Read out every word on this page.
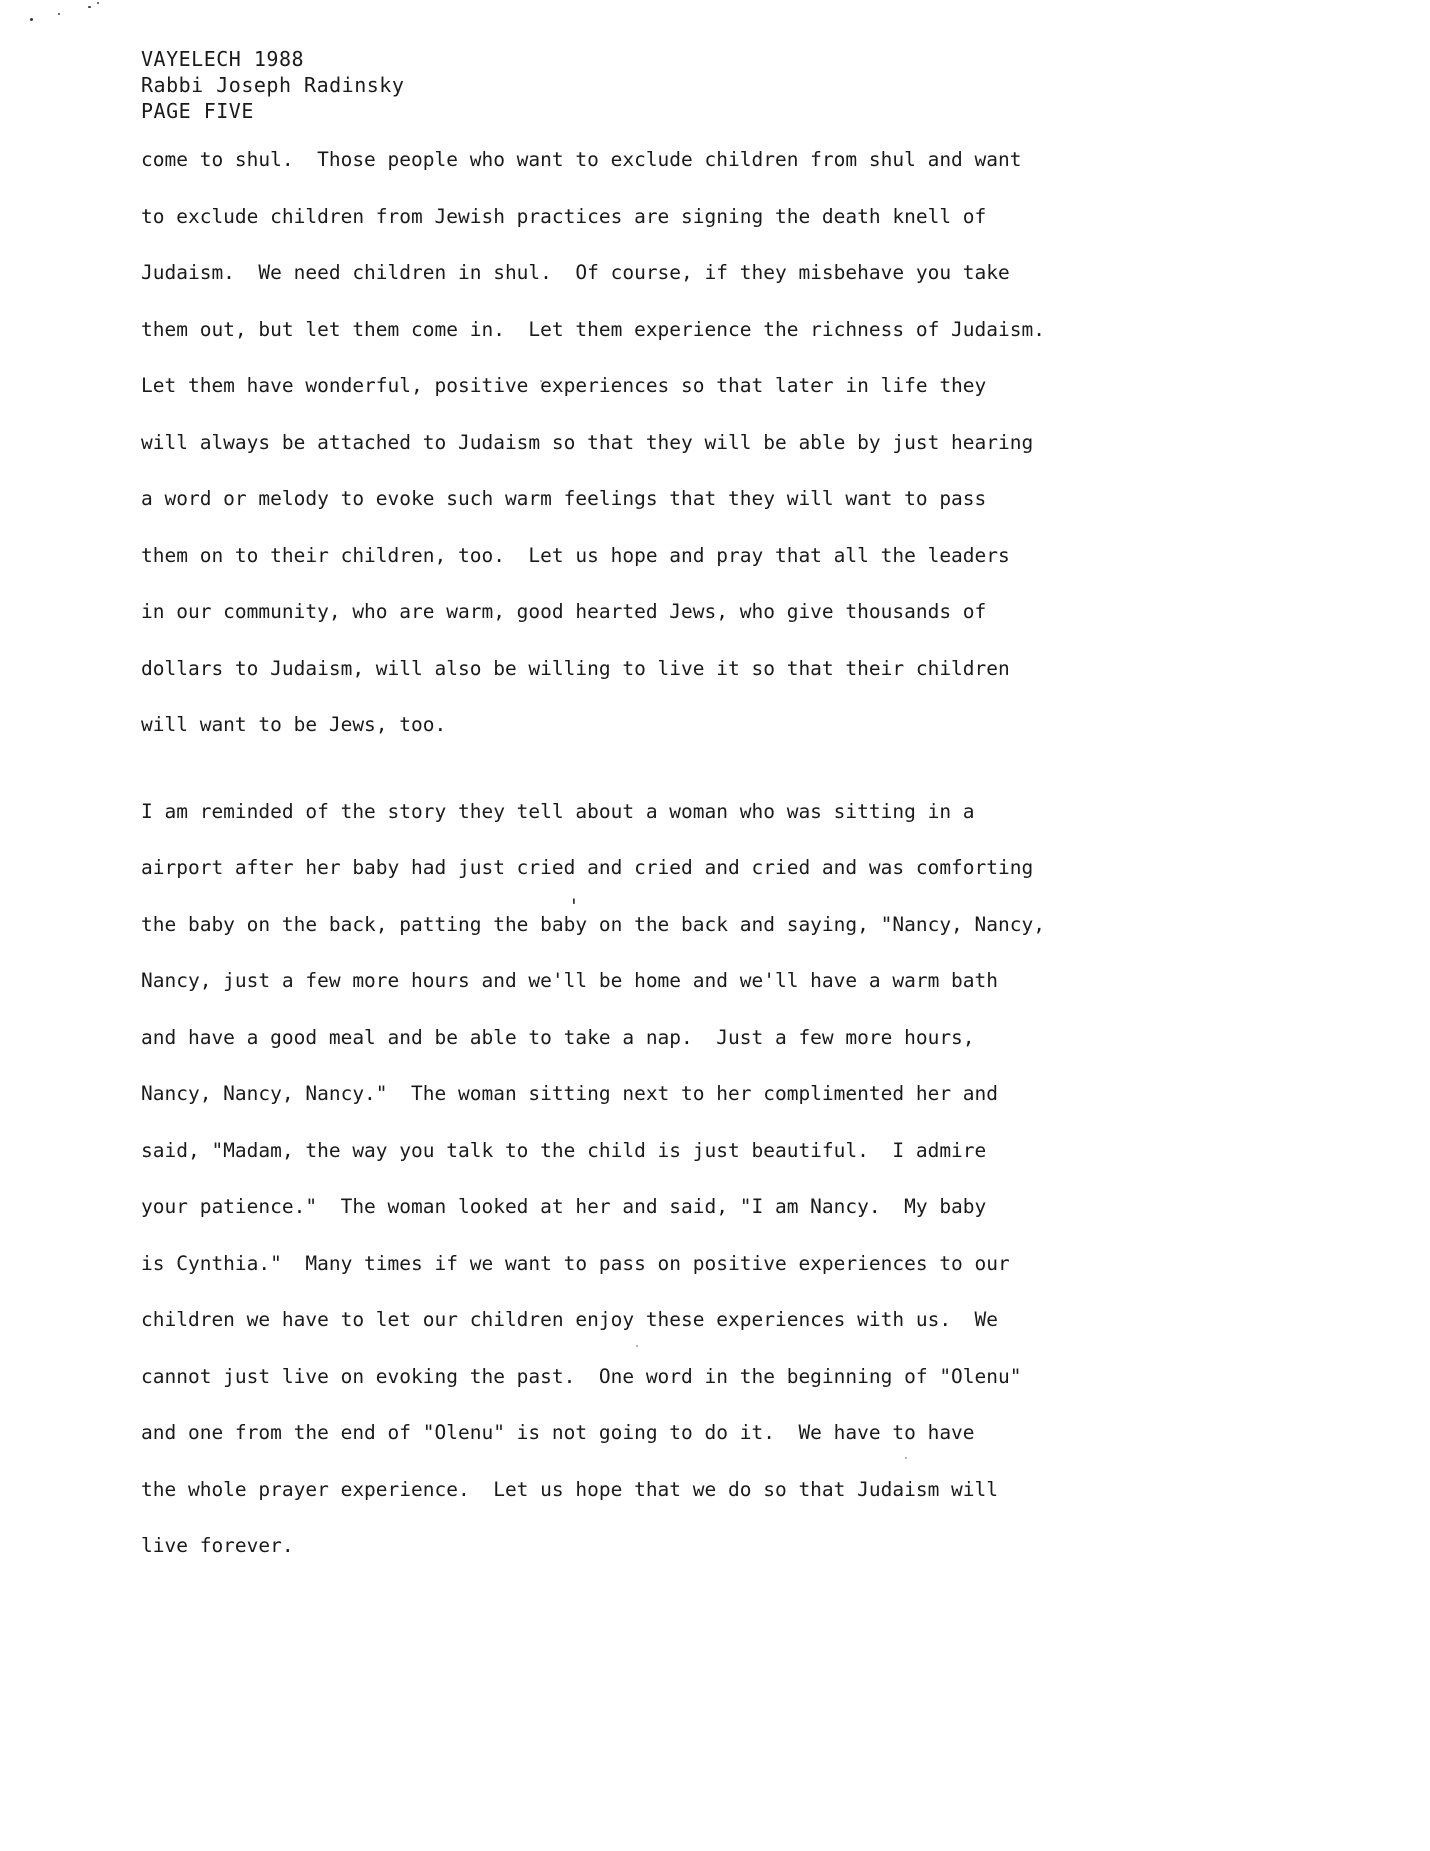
VAYELECH 1988
Rabbi Joseph Radinsky
PAGE FIVE
come to shul.  Those people who want to exclude children from shul and want
to exclude children from Jewish practices are signing the death knell of
Judaism.  We need children in shul.  Of course, if they misbehave you take
them out, but let them come in.  Let them experience the richness of Judaism.
Let them have wonderful, positive experiences so that later in life they
will always be attached to Judaism so that they will be able by just hearing
a word or melody to evoke such warm feelings that they will want to pass
them on to their children, too.  Let us hope and pray that all the leaders
in our community, who are warm, good hearted Jews, who give thousands of
dollars to Judaism, will also be willing to live it so that their children
will want to be Jews, too.
I am reminded of the story they tell about a woman who was sitting in a
airport after her baby had just cried and cried and cried and was comforting
the baby on the back, patting the baby on the back and saying, "Nancy, Nancy,
Nancy, just a few more hours and we'll be home and we'll have a warm bath
and have a good meal and be able to take a nap.  Just a few more hours,
Nancy, Nancy, Nancy."  The woman sitting next to her complimented her and
said, "Madam, the way you talk to the child is just beautiful.  I admire
your patience."  The woman looked at her and said, "I am Nancy.  My baby
is Cynthia."  Many times if we want to pass on positive experiences to our
children we have to let our children enjoy these experiences with us.  We
cannot just live on evoking the past.  One word in the beginning of "Olenu"
and one from the end of "Olenu" is not going to do it.  We have to have
the whole prayer experience.  Let us hope that we do so that Judaism will
live forever.
'
